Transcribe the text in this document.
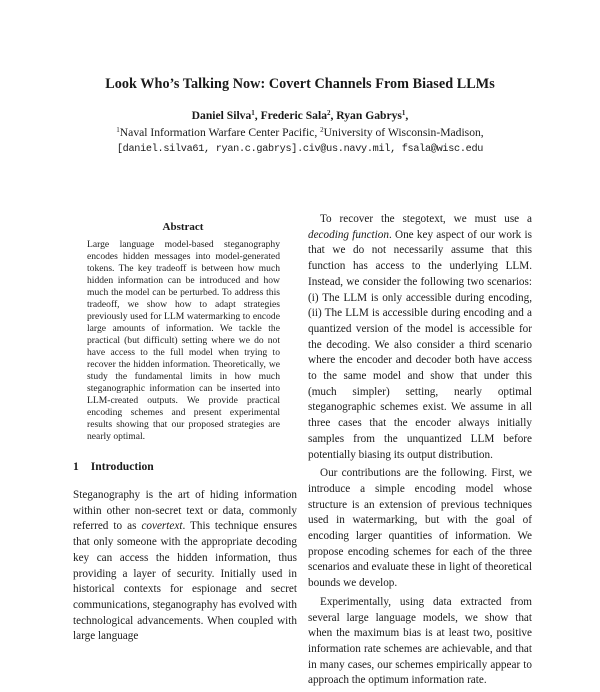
Look Who’s Talking Now: Covert Channels From Biased LLMs
Daniel Silva$^1$, Frederic Sala$^2$, Ryan Gabrys$^1$,
$^1$Naval Information Warfare Center Pacific, $^2$University of Wisconsin-Madison,
[daniel.silva61, ryan.c.gabrys].civ@us.navy.mil, fsala@wisc.edu
Abstract

Large language model-based steganography encodes hidden messages into model-generated tokens. The key tradeoff is between how much hidden information can be introduced and how much the model can be perturbed. To address this tradeoff, we show how to adapt strategies previously used for LLM watermarking to encode large amounts of information. We tackle the practical (but difficult) setting where we do not have access to the full model when trying to recover the hidden information. Theoretically, we study the fundamental limits in how much steganographic information can be inserted into LLM-created outputs. We provide practical encoding schemes and present experimental results showing that our proposed strategies are nearly optimal.

1 Introduction

Steganography is the art of hiding information within other non-secret text or data, commonly referred to as covertext. This technique ensures that only someone with the appropriate decoding key can access the hidden information, thus providing a layer of security. Initially used in historical contexts for espionage and secret communications, steganography has evolved with technological advancements. When coupled with large language

To recover the stegotext, we must use a decoding function. One key aspect of our work is that we do not necessarily assume that this function has access to the underlying LLM. Instead, we consider the following two scenarios: (i) The LLM is only accessible during encoding, (ii) The LLM is accessible during encoding and a quantized version of the model is accessible for the decoding. We also consider a third scenario where the encoder and decoder both have access to the same model and show that under this (much simpler) setting, nearly optimal steganographic schemes exist. We assume in all three cases that the encoder always initially samples from the unquantized LLM before potentially biasing its output distribution.

Our contributions are the following. First, we introduce a simple encoding model whose structure is an extension of previous techniques used in watermarking, but with the goal of encoding larger quantities of information. We propose encoding schemes for each of the three scenarios and evaluate these in light of theoretical bounds we develop.

Experimentally, using data extracted from several large language models, we show that when the maximum bias is at least two, positive information rate schemes are achievable, and that in many cases, our schemes empirically appear to approach the optimum information rate.
